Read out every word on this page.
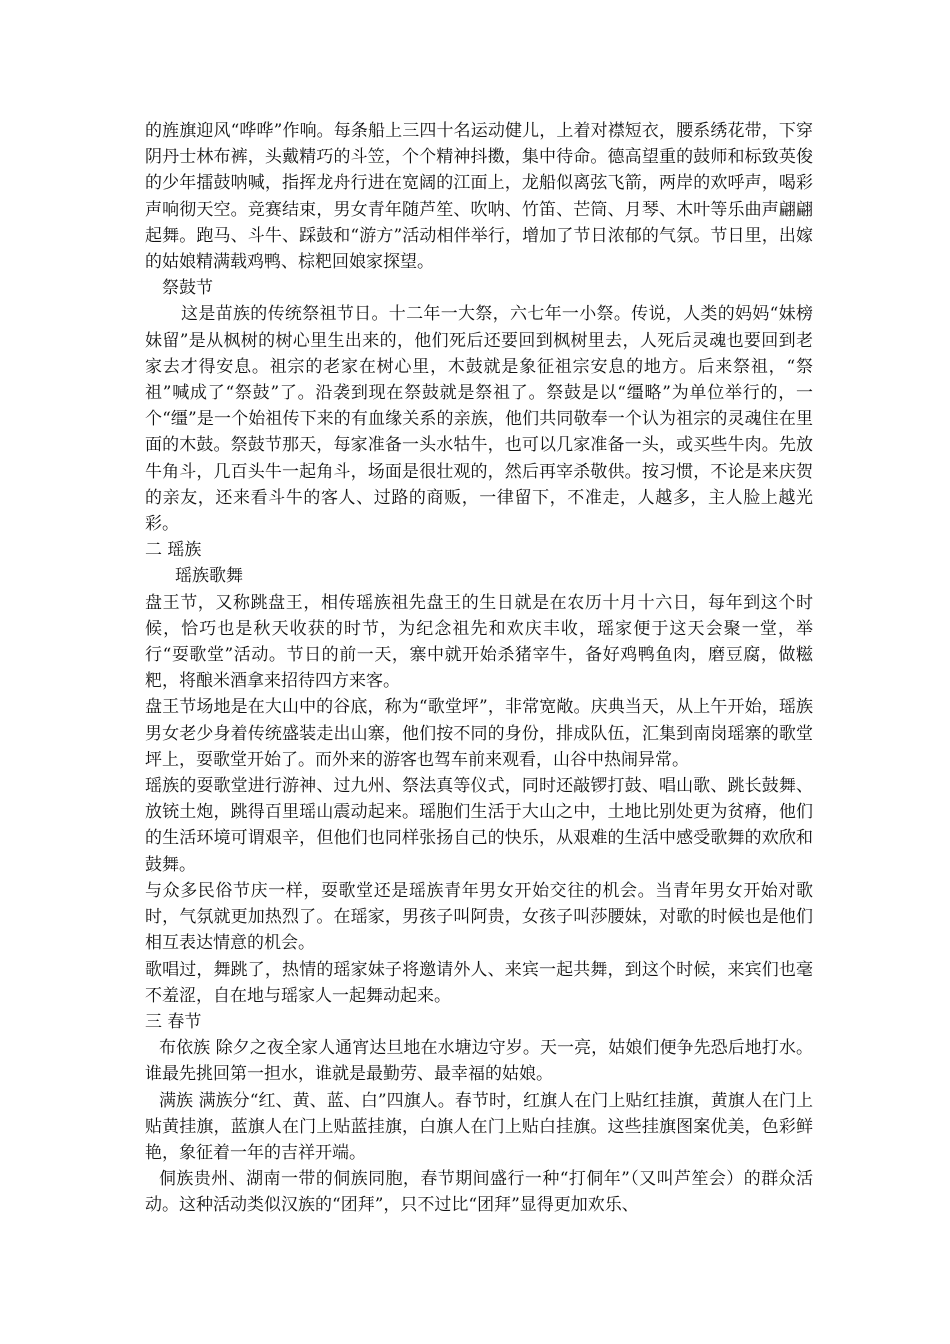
的旌旗迎风“哗哗”作响。每条船上三四十名运动健儿，上着对襟短衣，腰系绣花带，下穿阴丹士林布裤，头戴精巧的斗笠，个个精神抖擞，集中待命。德高望重的鼓师和标致英俊的少年擂鼓呐喊，指挥龙舟行进在宽阔的江面上，龙船似离弦飞箭，两岸的欢呼声，喝彩声响彻天空。竞赛结束，男女青年随芦笙、吹呐、竹笛、芒筒、月琴、木叶等乐曲声翩翩起舞。跑马、斗牛、踩鼓和“游方”活动相伴举行，增加了节日浓郁的气氛。节日里，出嫁的姑娘精满载鸡鸭、棕粑回娘家探望。

祭鼓节

这是苗族的传统祭祖节日。十二年一大祭，六七年一小祭。传说，人类的妈妈“妹榜妹留”是从枫树的树心里生出来的，他们死后还要回到枫树里去，人死后灵魂也要回到老家去才得安息。祖宗的老家在树心里，木鼓就是象征祖宗安息的地方。后来祭祖，“祭祖”喊成了“祭鼓”了。沿袭到现在祭鼓就是祭祖了。祭鼓是以“缰略”为单位举行的，一个“缰”是一个始祖传下来的有血缘关系的亲族，他们共同敬奉一个认为祖宗的灵魂住在里面的木鼓。祭鼓节那天，每家准备一头水牯牛，也可以几家准备一头，或买些牛肉。先放牛角斗，几百头牛一起角斗，场面是很壮观的，然后再宰杀敬供。按习惯，不论是来庆贺的亲友，还来看斗牛的客人、过路的商贩，一律留下，不准走，人越多，主人脸上越光彩。

二 瑶族

瑶族歌舞

盘王节，又称跳盘王，相传瑶族祖先盘王的生日就是在农历十月十六日，每年到这个时候，恰巧也是秋天收获的时节，为纪念祖先和欢庆丰收，瑶家便于这天会聚一堂，举行“耍歌堂”活动。节日的前一天，寨中就开始杀猪宰牛，备好鸡鸭鱼肉，磨豆腐，做糍粑，将酿米酒拿来招待四方来客。

盘王节场地是在大山中的谷底，称为“歌堂坪”，非常宽敞。庆典当天，从上午开始，瑶族男女老少身着传统盛装走出山寨，他们按不同的身份，排成队伍，汇集到南岗瑶寨的歌堂坪上，耍歌堂开始了。而外来的游客也驾车前来观看，山谷中热闹异常。

瑶族的耍歌堂进行游神、过九州、祭法真等仪式，同时还敲锣打鼓、唱山歌、跳长鼓舞、放铳土炮，跳得百里瑶山震动起来。瑶胞们生活于大山之中，土地比别处更为贫瘠，他们的生活环境可谓艰辛，但他们也同样张扬自己的快乐，从艰难的生活中感受歌舞的欢欣和鼓舞。

与众多民俗节庆一样，耍歌堂还是瑶族青年男女开始交往的机会。当青年男女开始对歌时，气氛就更加热烈了。在瑶家，男孩子叫阿贵，女孩子叫莎腰妹，对歌的时候也是他们相互表达情意的机会。

歌唱过，舞跳了，热情的瑶家妹子将邀请外人、来宾一起共舞，到这个时候，来宾们也毫不羞涩，自在地与瑶家人一起舞动起来。

三 春节

布依族 除夕之夜全家人通宵达旦地在水塘边守岁。天一亮，姑娘们便争先恐后地打水。谁最先挑回第一担水，谁就是最勤劳、最幸福的姑娘。

满族 满族分“红、黄、蓝、白”四旗人。春节时，红旗人在门上贴红挂旗，黄旗人在门上贴黄挂旗，蓝旗人在门上贴蓝挂旗，白旗人在门上贴白挂旗。这些挂旗图案优美，色彩鲜艳，象征着一年的吉祥开端。

侗族贵州、湖南一带的侗族同胞，春节期间盛行一种“打侗年”（又叫芦笙会）的群众活动。这种活动类似汉族的“团拜”，只不过比“团拜”显得更加欢乐、
